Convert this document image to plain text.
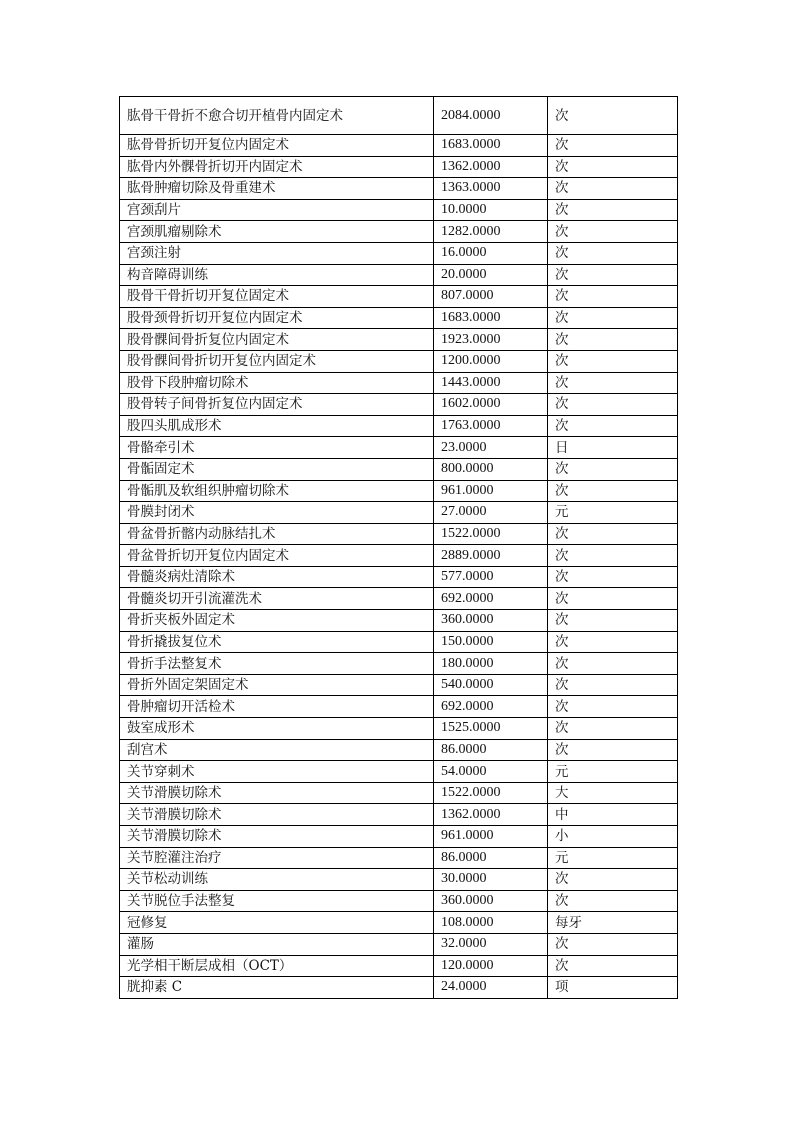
肱骨干骨折不愈合切开植骨内固定术	2084.0000	次
肱骨骨折切开复位内固定术	1683.0000	次
肱骨内外髁骨折切开内固定术	1362.0000	次
肱骨肿瘤切除及骨重建术	1363.0000	次
宫颈刮片	10.0000	次
宫颈肌瘤剔除术	1282.0000	次
宫颈注射	16.0000	次
构音障碍训练	20.0000	次
股骨干骨折切开复位固定术	807.0000	次
股骨颈骨折切开复位内固定术	1683.0000	次
股骨髁间骨折复位内固定术	1923.0000	次
股骨髁间骨折切开复位内固定术	1200.0000	次
股骨下段肿瘤切除术	1443.0000	次
股骨转子间骨折复位内固定术	1602.0000	次
股四头肌成形术	1763.0000	次
骨骼牵引术	23.0000	日
骨骺固定术	800.0000	次
骨骺肌及软组织肿瘤切除术	961.0000	次
骨膜封闭术	27.0000	元
骨盆骨折髂内动脉结扎术	1522.0000	次
骨盆骨折切开复位内固定术	2889.0000	次
骨髓炎病灶清除术	577.0000	次
骨髓炎切开引流灌洗术	692.0000	次
骨折夹板外固定术	360.0000	次
骨折撬拔复位术	150.0000	次
骨折手法整复术	180.0000	次
骨折外固定架固定术	540.0000	次
骨肿瘤切开活检术	692.0000	次
鼓室成形术	1525.0000	次
刮宫术	86.0000	次
关节穿刺术	54.0000	元
关节滑膜切除术	1522.0000	大
关节滑膜切除术	1362.0000	中
关节滑膜切除术	961.0000	小
关节腔灌注治疗	86.0000	元
关节松动训练	30.0000	次
关节脱位手法整复	360.0000	次
冠修复	108.0000	每牙
灌肠	32.0000	次
光学相干断层成相（OCT）	120.0000	次
胱抑素 C	24.0000	项
